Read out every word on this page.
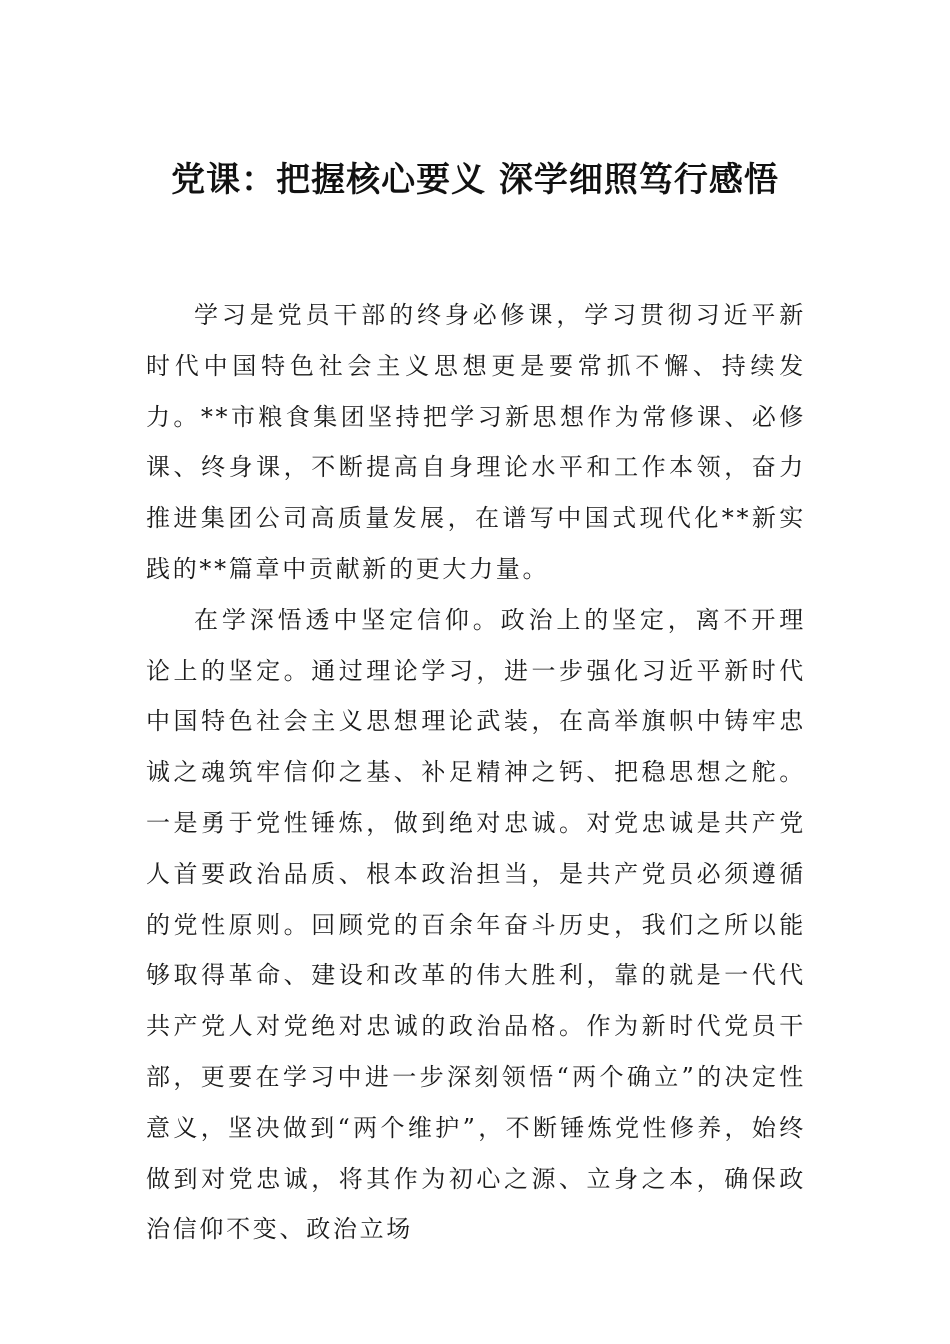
党课：把握核心要义 深学细照笃行感悟

学习是党员干部的终身必修课，学习贯彻习近平新时代中国特色社会主义思想更是要常抓不懈、持续发力。**市粮食集团坚持把学习新思想作为常修课、必修课、终身课，不断提高自身理论水平和工作本领，奋力推进集团公司高质量发展，在谱写中国式现代化**新实践的**篇章中贡献新的更大力量。

在学深悟透中坚定信仰。政治上的坚定，离不开理论上的坚定。通过理论学习，进一步强化习近平新时代中国特色社会主义思想理论武装，在高举旗帜中铸牢忠诚之魂筑牢信仰之基、补足精神之钙、把稳思想之舵。一是勇于党性锤炼，做到绝对忠诚。对党忠诚是共产党人首要政治品质、根本政治担当，是共产党员必须遵循的党性原则。回顾党的百余年奋斗历史，我们之所以能够取得革命、建设和改革的伟大胜利，靠的就是一代代共产党人对党绝对忠诚的政治品格。作为新时代党员干部，更要在学习中进一步深刻领悟“两个确立”的决定性意义，坚决做到“两个维护”，不断锤炼党性修养，始终做到对党忠诚，将其作为初心之源、立身之本，确保政治信仰不变、政治立场
